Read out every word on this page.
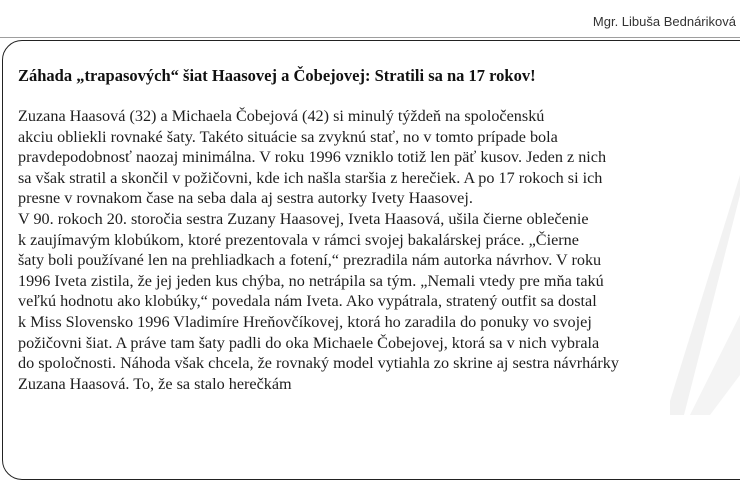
Mgr. Libuša Bednáriková
Záhada „trapasových“ šiat Haasovej a Čobejovej: Stratili sa na 17 rokov!
Zuzana Haasová (32) a Michaela Čobejová (42) si minulý týždeň na spoločenskú
akciu obliekli rovnaké šaty. Takéto situácie sa zvyknú stať, no v tomto prípade bola
pravdepodobnosť naozaj minimálna. V roku 1996 vzniklo totiž len päť kusov. Jeden z nich
sa však stratil a skončil v požičovni, kde ich našla staršia z herečiek. A po 17 rokoch si ich
presne v rovnakom čase na seba dala aj sestra autorky Ivety Haasovej.
V 90. rokoch 20. storočia sestra Zuzany Haasovej, Iveta Haasová, ušila čierne oblečenie
k zaujímavým klobúkom, ktoré prezentovala v rámci svojej bakalárskej práce. „Čierne
šaty boli používané len na prehliadkach a fotení,“ prezradila nám autorka návrhov. V roku
1996 Iveta zistila, že jej jeden kus chýba, no netrápila sa tým. „Nemali vtedy pre mňa takú
veľkú hodnotu ako klobúky,“ povedala nám Iveta. Ako vypátrala, stratený outfit sa dostal
k Miss Slovensko 1996 Vladimíre Hreňovčíkovej, ktorá ho zaradila do ponuky vo svojej
požičovni šiat. A práve tam šaty padli do oka Michaele Čobejovej, ktorá sa v nich vybrala
do spoločnosti. Náhoda však chcela, že rovnaký model vytiahla zo skrine aj sestra návrhárky
Zuzana Haasová. To, že sa stalo herečkám
